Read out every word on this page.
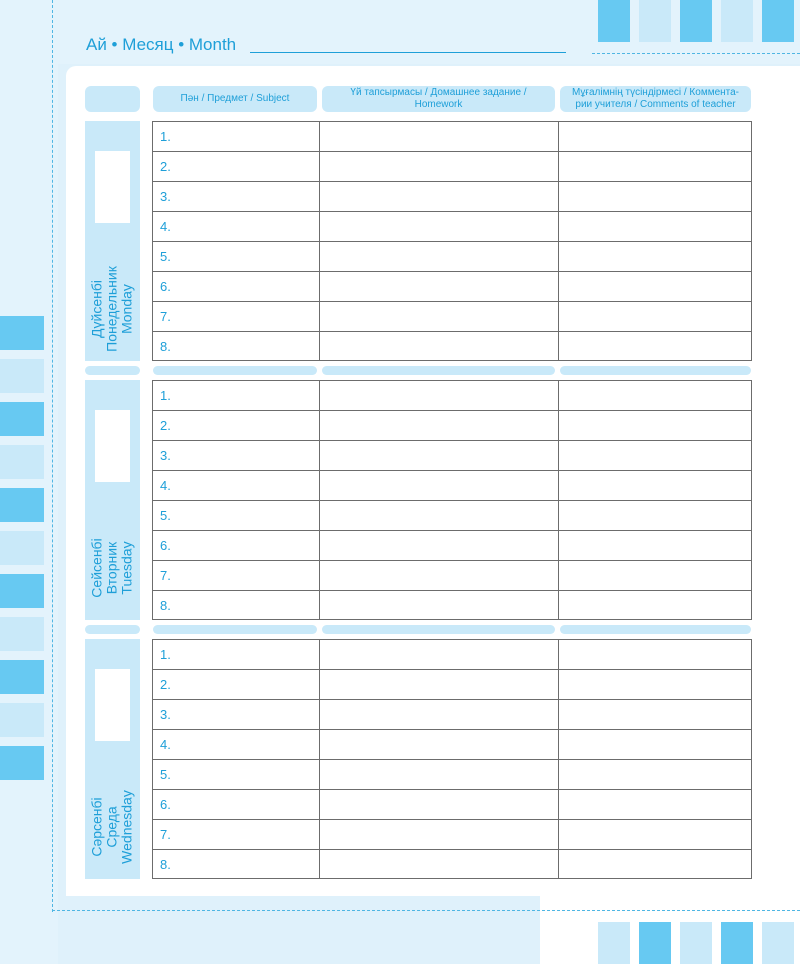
Ай • Месяц • Month
Пән / Предмет / Subject
Үй тапсырмасы / Домашнее задание / Homework
Мұғалімнің түсіндірмесі / Коммента-рии учителя / Comments of teacher
Дүйсенбі Понедельник Monday
1.
2.
3.
4.
5.
6.
7.
8.
Сейсенбі Вторник Tuesday
1.
2.
3.
4.
5.
6.
7.
8.
Сәрсенбі Среда Wednesday
1.
2.
3.
4.
5.
6.
7.
8.
